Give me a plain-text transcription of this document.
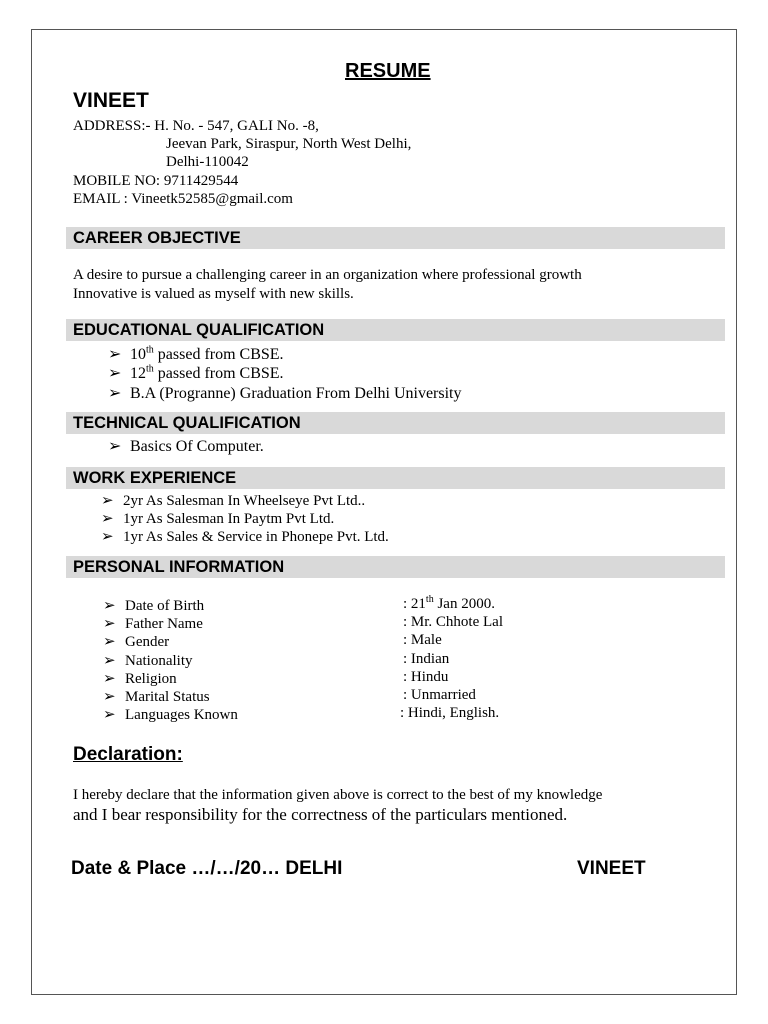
RESUME
VINEET
ADDRESS:- H. No. - 547, GALI No. -8,
Jeevan Park, Siraspur, North West Delhi,
Delhi-110042
MOBILE NO: 9711429544
EMAIL : Vineetk52585@gmail.com
CAREER OBJECTIVE
A desire to pursue a challenging career in an organization where professional growth
Innovative is valued as myself with new skills.
EDUCATIONAL QUALIFICATION
➢ 10th passed from CBSE.
➢ 12th passed from CBSE.
➢ B.A (Progranne) Graduation From Delhi University
TECHNICAL QUALIFICATION
➢ Basics Of Computer.
WORK EXPERIENCE
➢ 2yr As Salesman In Wheelseye Pvt Ltd..
➢ 1yr As Salesman In Paytm Pvt Ltd.
➢ 1yr As Sales & Service in Phonepe Pvt. Ltd.
PERSONAL INFORMATION
➢ Date of Birth	: 21th Jan 2000.
➢ Father Name	: Mr. Chhote Lal
➢ Gender	: Male
➢ Nationality	: Indian
➢ Religion	: Hindu
➢ Marital Status	: Unmarried
➢ Languages Known	: Hindi, English.
Declaration:
I hereby declare that the information given above is correct to the best of my knowledge
and I bear responsibility for the correctness of the particulars mentioned.
Date & Place …/…/20… DELHI	VINEET
